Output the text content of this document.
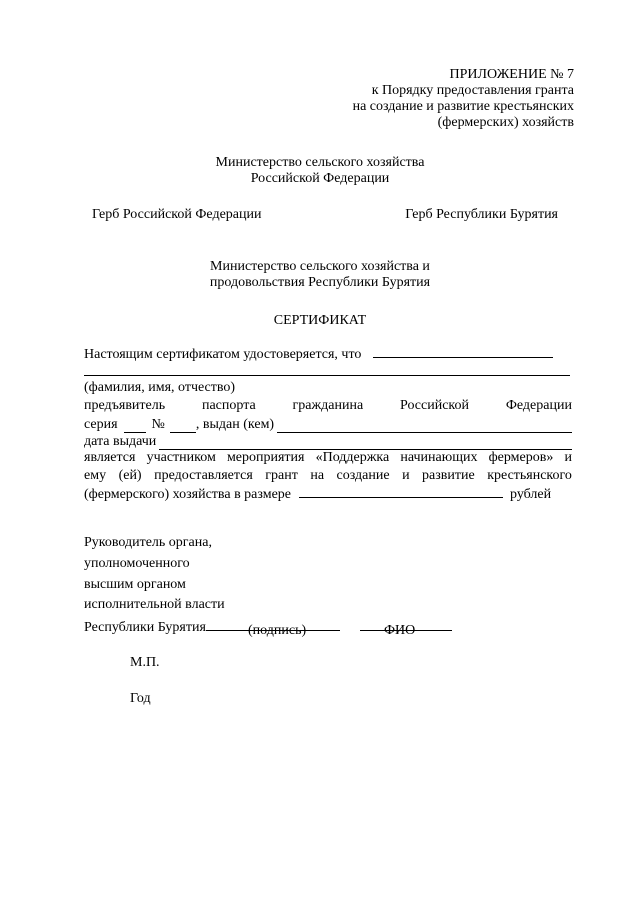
ПРИЛОЖЕНИЕ № 7
к Порядку предоставления гранта
на создание и развитие крестьянских
(фермерских) хозяйств
Министерство сельского хозяйства
Российской Федерации
Герб Российской Федерации	Герб Республики Бурятия
Министерство сельского хозяйства и
продовольствия Республики Бурятия
СЕРТИФИКАТ
Настоящим сертификатом удостоверяется, что
(фамилия, имя, отчество)
предъявитель	паспорта	гражданина	Российской	Федерации
серия № , выдан (кем)
дата выдачи
является участником мероприятия «Поддержка начинающих фермеров» и
ему (ей) предоставляется грант на создание и развитие крестьянского
(фермерского) хозяйства в размере	рублей
Руководитель органа,
уполномоченного
высшим органом
исполнительной власти
Республики Бурятия	(подпись)	ФИО
М.П.
Год
